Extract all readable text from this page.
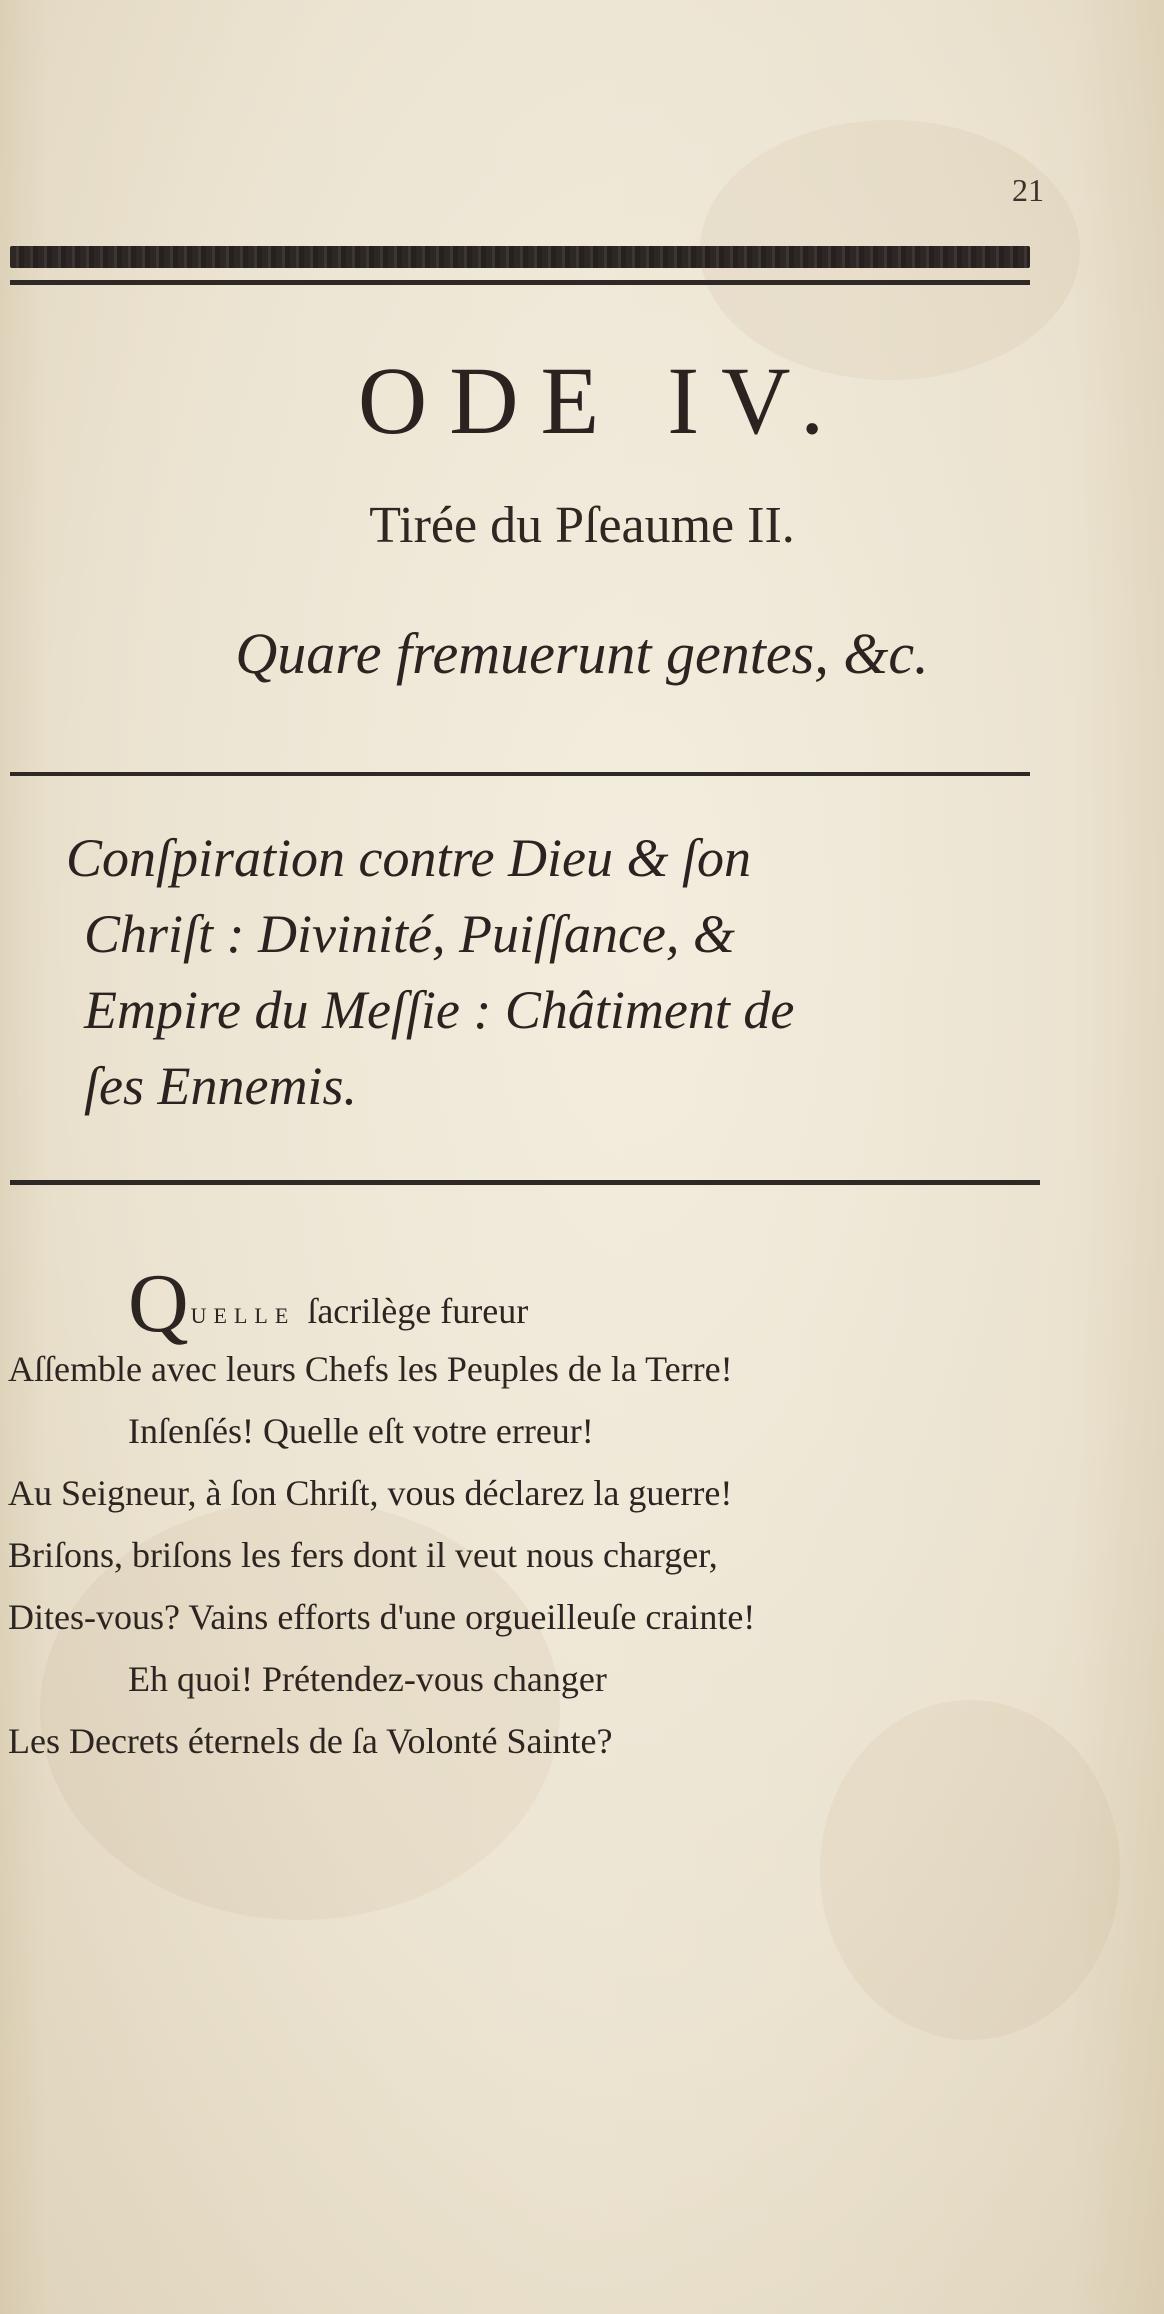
21
ODE IV.
Tirée du Pſeaume II.
Quare fremuerunt gentes, &c.
Conſpiration contre Dieu & ſon
Chriſt : Divinité, Puiſſance, &
Empire du Meſſie : Châtiment de
ſes Ennemis.
QUELLE ſacrilège fureur
Aſſemble avec leurs Chefs les Peuples de la Terre!
Inſenſés! Quelle eſt votre erreur!
Au Seigneur, à ſon Chriſt, vous déclarez la guerre!
Briſons, briſons les fers dont il veut nous charger,
Dites-vous? Vains efforts d'une orgueilleuſe crainte!
Eh quoi! Prétendez-vous changer
Les Decrets éternels de ſa Volonté Sainte?
